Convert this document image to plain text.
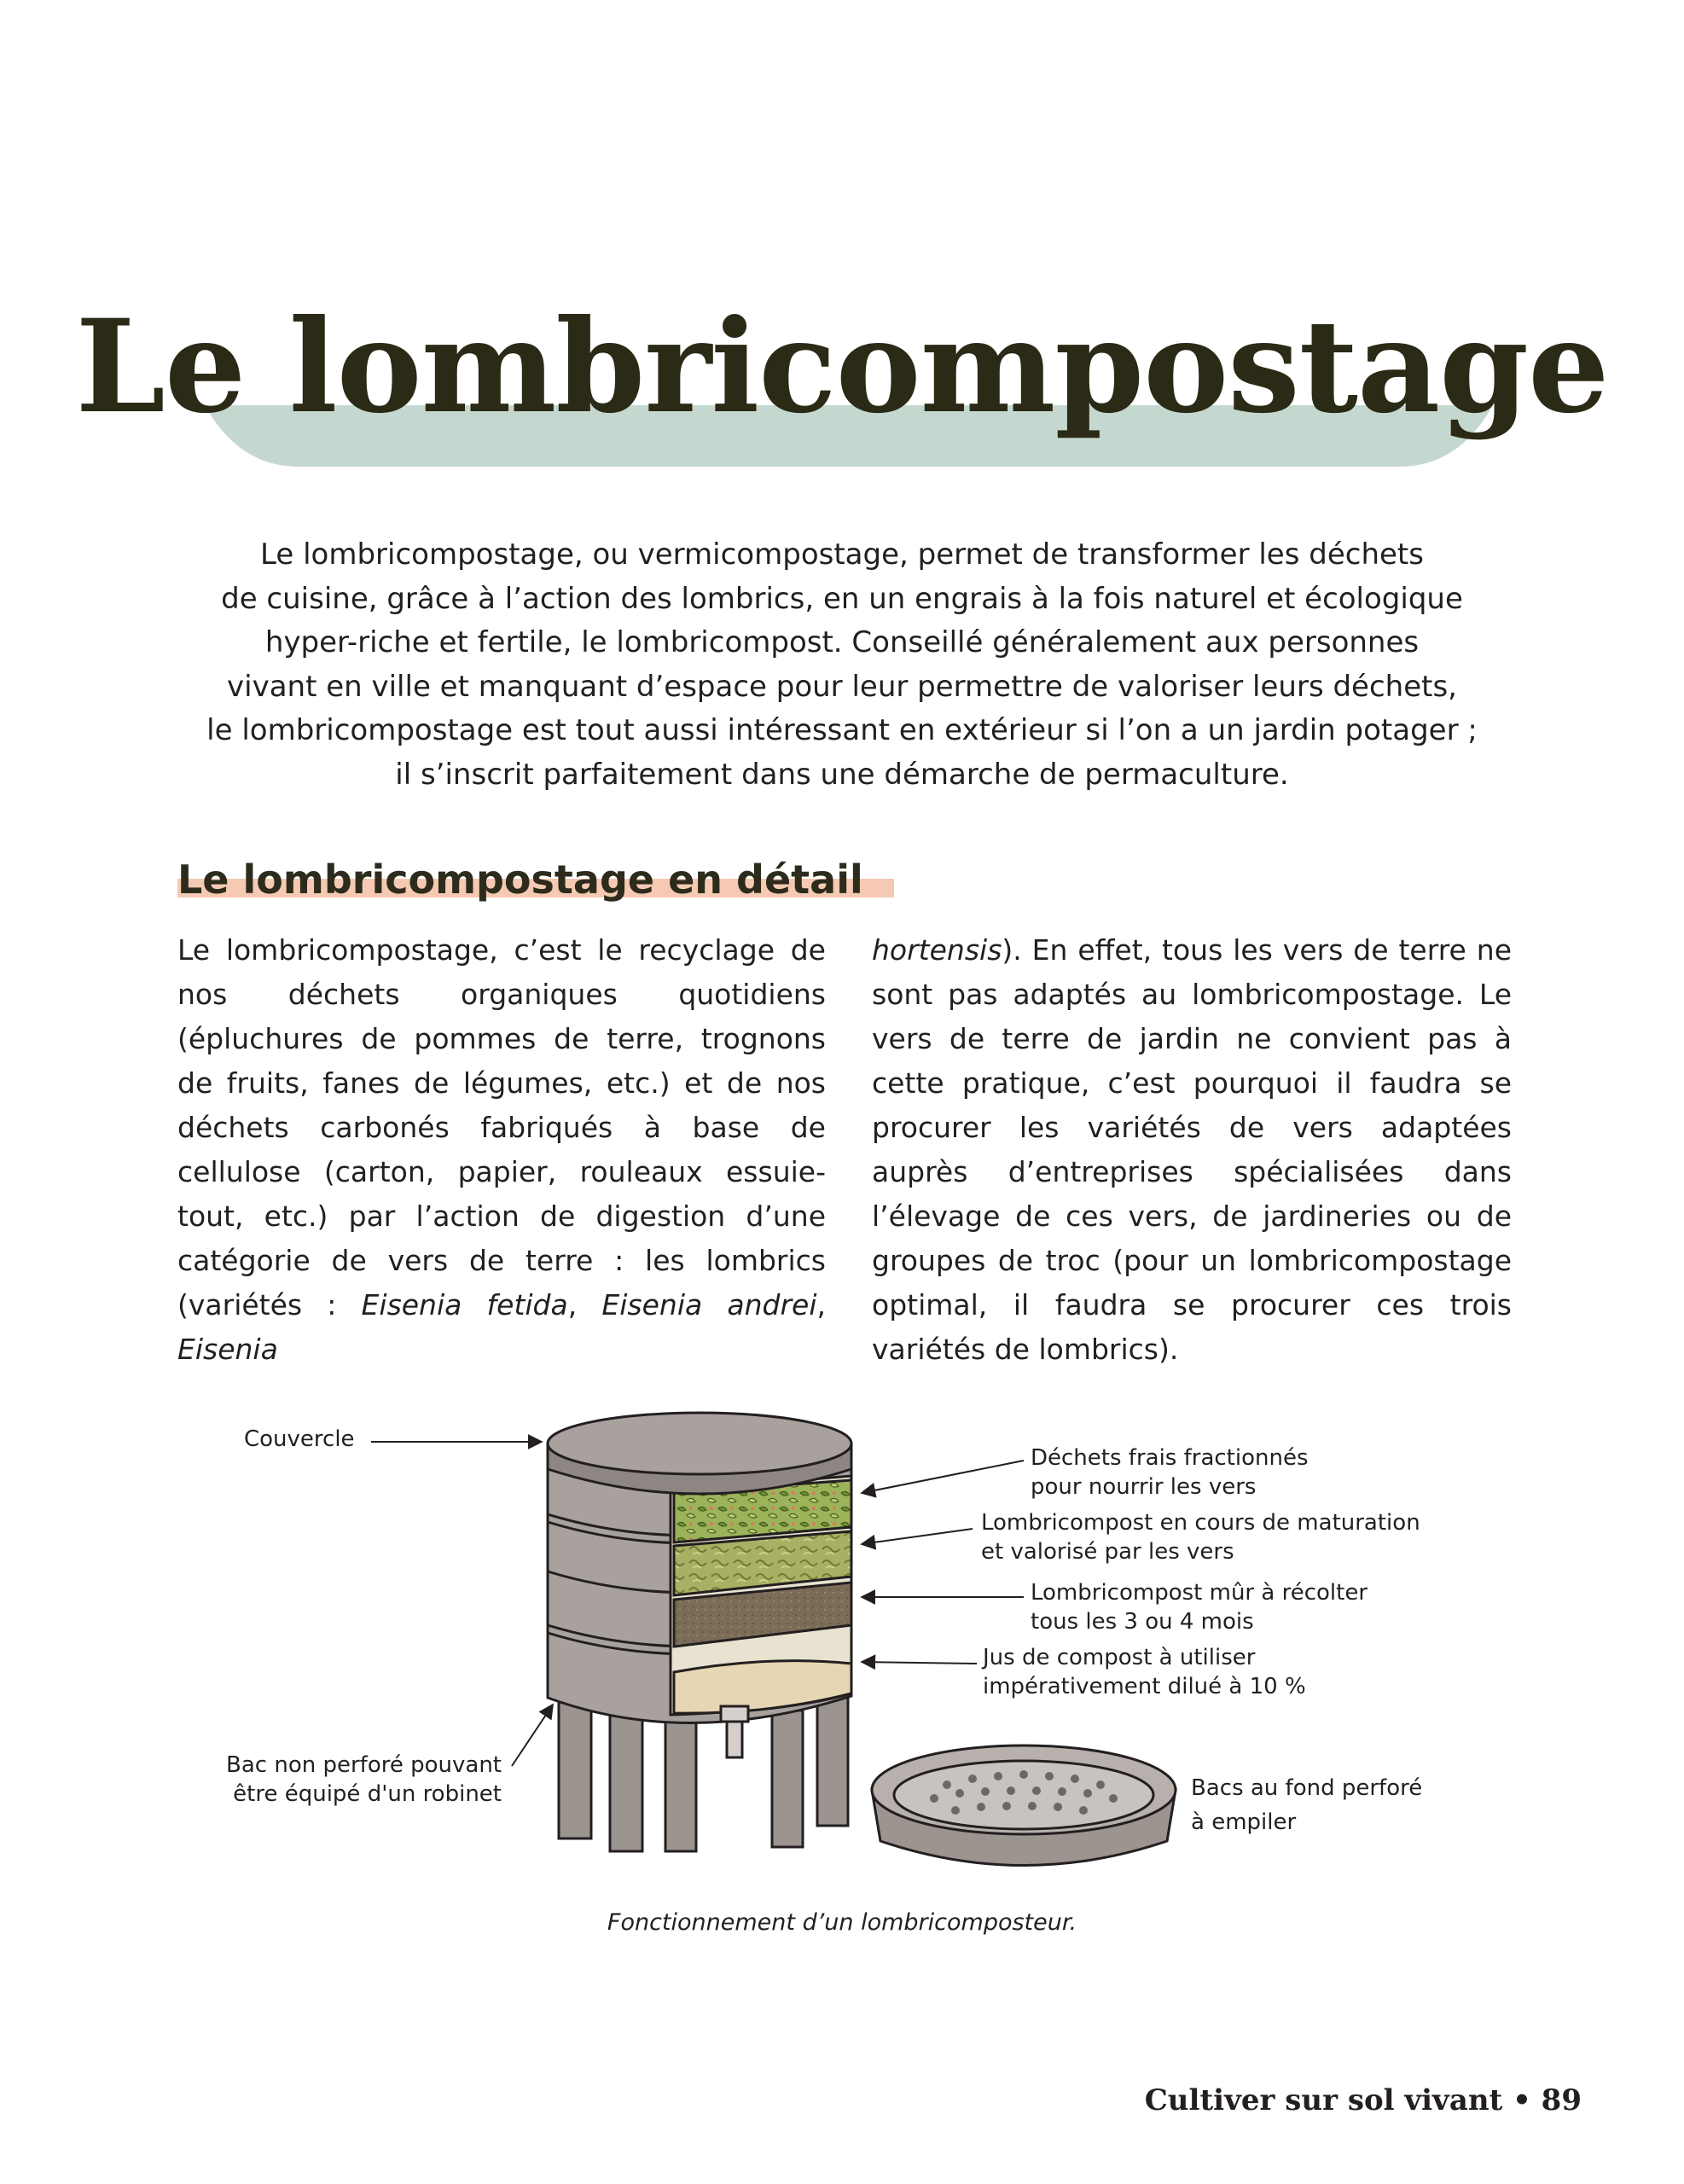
Le lombricompostage

Le lombricompostage, ou vermicompostage, permet de transformer les déchets

de cuisine, grâce à l’action des lombrics, en un engrais à la fois naturel et écologique

hyper-riche et fertile, le lombricompost. Conseillé généralement aux personnes

vivant en ville et manquant d’espace pour leur permettre de valoriser leurs déchets,

le lombricompostage est tout aussi intéressant en extérieur si l’on a un jardin potager ;

il s’inscrit parfaitement dans une démarche de permaculture.

Le lombricompostage en détail

Le lombricompostage, c’est le recyclage de nos déchets organiques quotidiens (épluchures de pommes de terre, trognons de fruits, fanes de légumes, etc.) et de nos déchets carbonés fabriqués à base de cellulose (carton, papier, rouleaux essuie-tout, etc.) par l’action de digestion d’une catégorie de vers de terre : les lombrics (variétés : Eisenia fetida, Eisenia andrei, Eisenia

hortensis). En effet, tous les vers de terre ne sont pas adaptés au lombricompostage. Le vers de terre de jardin ne convient pas à cette pratique, c’est pourquoi il faudra se procurer les variétés de vers adaptées auprès d’entreprises spécialisées dans l’élevage de ces vers, de jardineries ou de groupes de troc (pour un lombricompostage optimal, il faudra se procurer ces trois variétés de lombrics).

Couvercle
Déchets frais fractionnés
pour nourrir les vers
Lombricompost en cours de maturation
et valorisé par les vers
Lombricompost mûr à récolter
tous les 3 ou 4 mois
Jus de compost à utiliser
impérativement dilué à 10 %
Bac non perforé pouvant
être équipé d'un robinet	Bacs au fond perforé
à empiler
Fonctionnement d’un lombricomposteur.
Cultiver sur sol vivant • 89
